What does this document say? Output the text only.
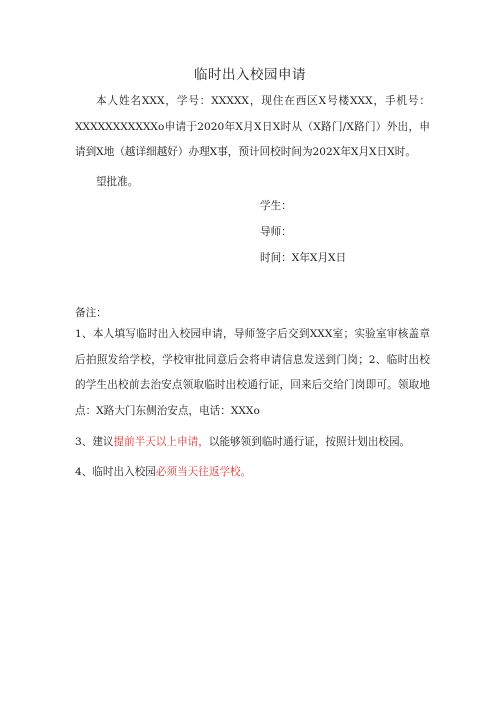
临时出入校园申请
本人姓名XXX，学号：XXXXX，现住在西区X号楼XXX，手机号：XXXXXXXXXXXo申请于2020年X月X日X时从（X路门/X路门）外出，申请到X地（越详细越好）办理X事，预计回校时间为202X年X月X日X时。
望批准。
学生：
导师：
时间：X年X月X日
备注：
1、本人填写临时出入校园申请，导师签字后交到XXX室；实验室审核盖章后拍照发给学校，学校审批同意后会将申请信息发送到门岗；2、临时出校的学生出校前去治安点领取临时出校通行证，回来后交给门岗即可。领取地点：X路大门东侧治安点，电话：XXXo
3、建议提前半天以上申请，以能够领到临时通行证，按照计划出校园。
4、临时出入校园必须当天往返学校。
